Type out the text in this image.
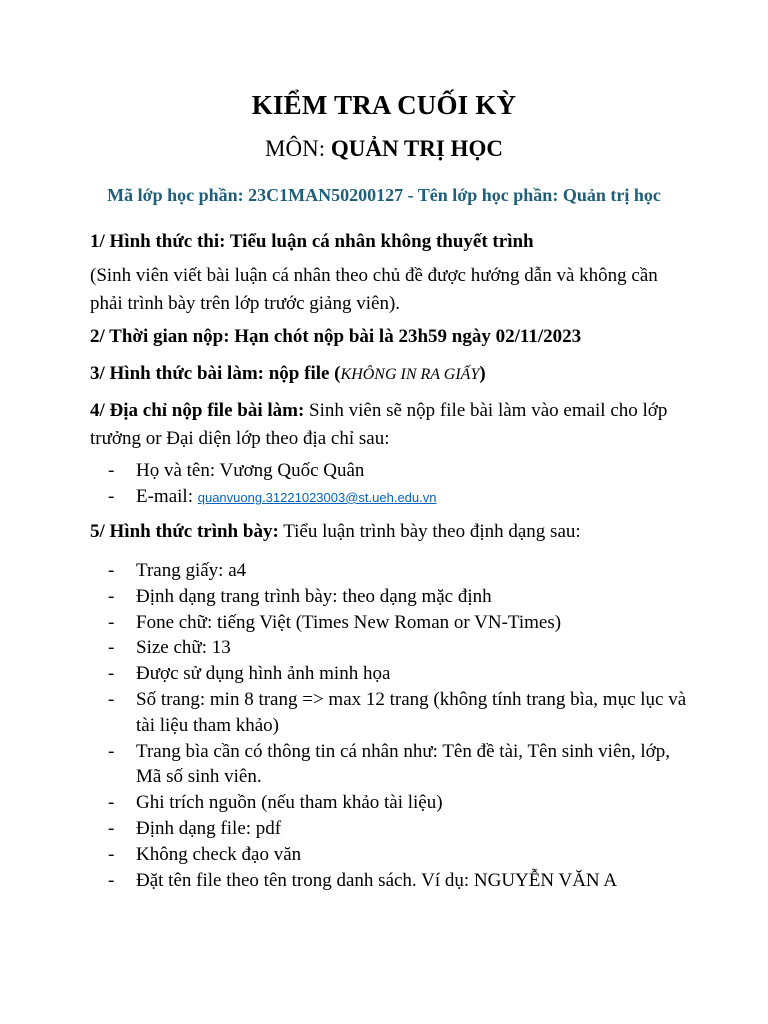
KIỂM TRA CUỐI KỲ
MÔN: QUẢN TRỊ HỌC
Mã lớp học phần: 23C1MAN50200127 - Tên lớp học phần: Quản trị học
1/ Hình thức thi: Tiểu luận cá nhân không thuyết trình
(Sinh viên viết bài luận cá nhân theo chủ đề được hướng dẫn và không cần phải trình bày trên lớp trước giảng viên).
2/ Thời gian nộp: Hạn chót nộp bài là 23h59 ngày 02/11/2023
3/ Hình thức bài làm: nộp file (KHÔNG IN RA GIẤY)
4/ Địa chỉ nộp file bài làm: Sinh viên sẽ nộp file bài làm vào email cho lớp trưởng or Đại diện lớp theo địa chỉ sau:
- Họ và tên: Vương Quốc Quân
- E-mail: quanvuong.31221023003@st.ueh.edu.vn
5/ Hình thức trình bày: Tiểu luận trình bày theo định dạng sau:
- Trang giấy: a4
- Định dạng trang trình bày: theo dạng mặc định
- Fone chữ: tiếng Việt (Times New Roman or VN-Times)
- Size chữ: 13
- Được sử dụng hình ảnh minh họa
- Số trang: min 8 trang => max 12 trang (không tính trang bìa, mục lục và tài liệu tham khảo)
- Trang bìa cần có thông tin cá nhân như: Tên đề tài, Tên sinh viên, lớp, Mã số sinh viên.
- Ghi trích nguồn (nếu tham khảo tài liệu)
- Định dạng file: pdf
- Không check đạo văn
- Đặt tên file theo tên trong danh sách. Ví dụ: NGUYỄN VĂN A
